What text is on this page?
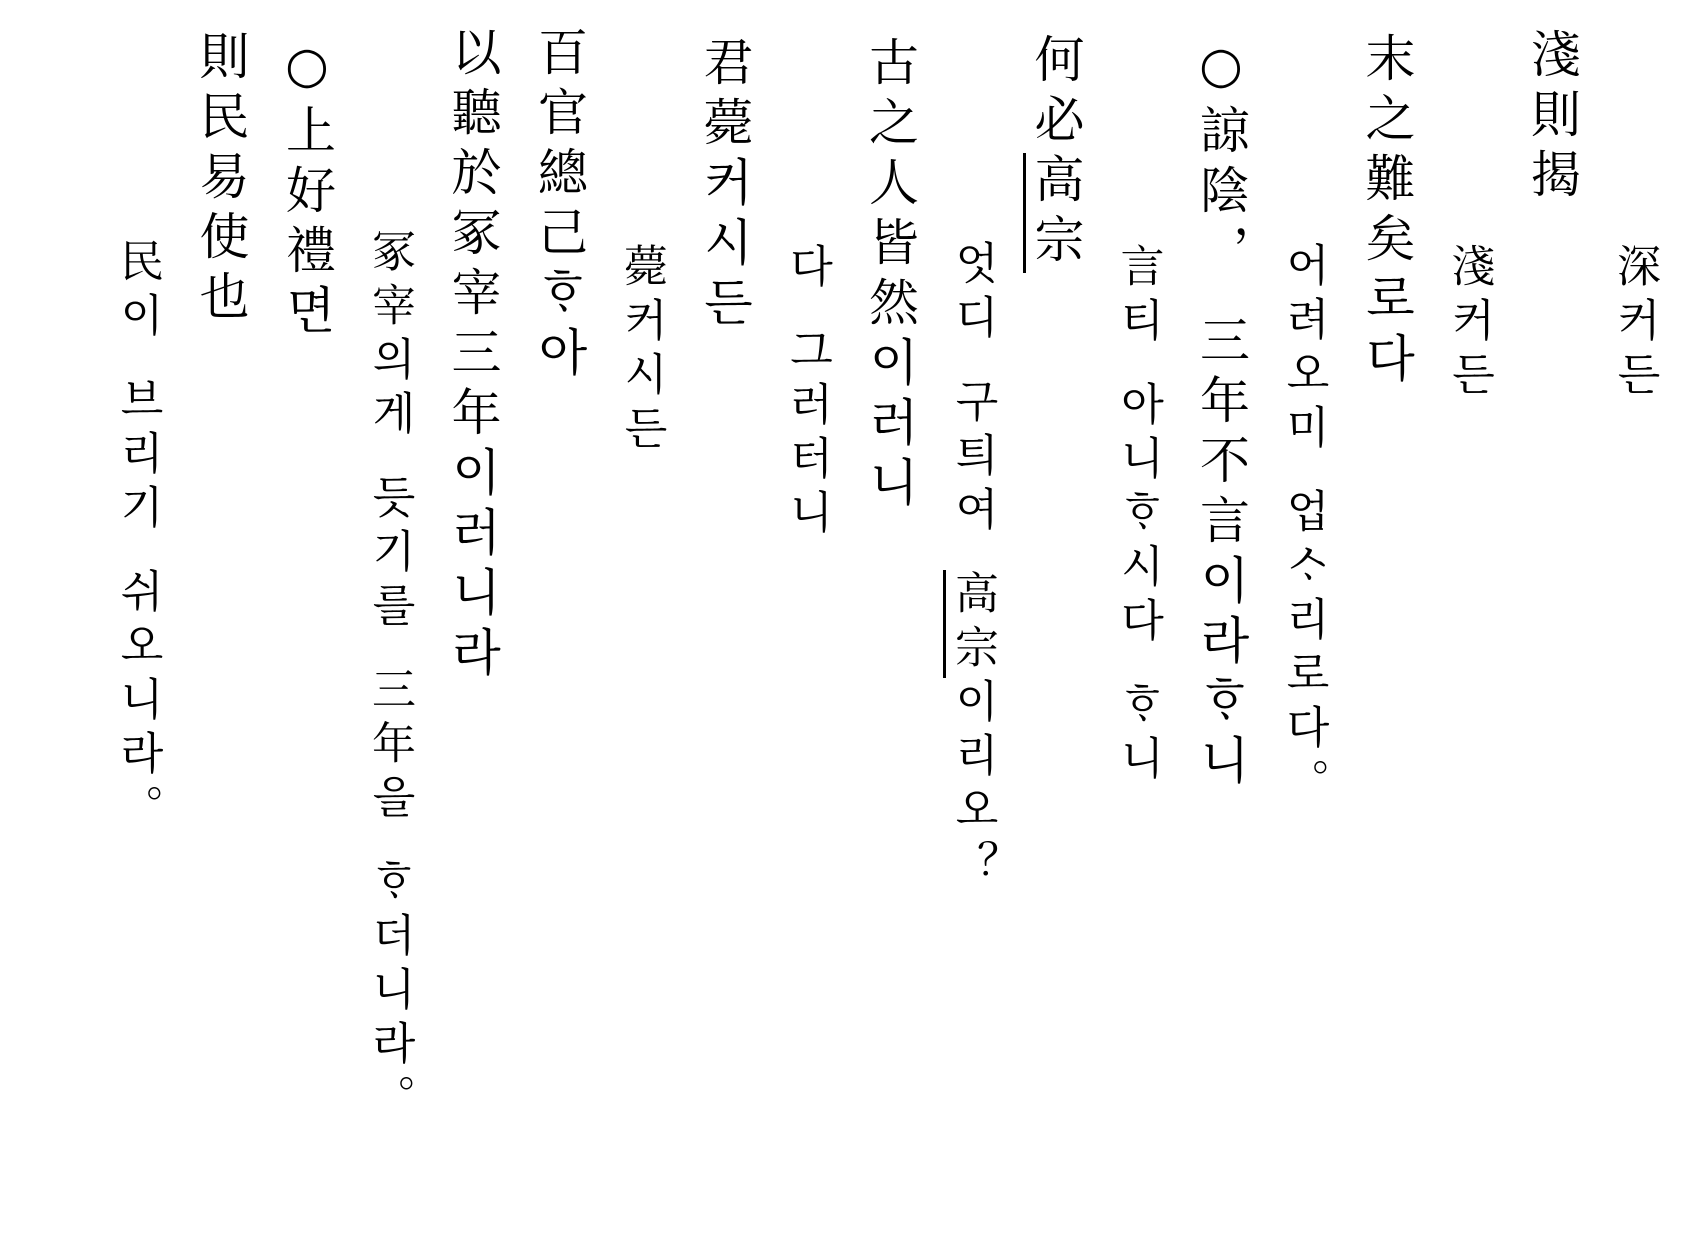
深커든
淺則揭
淺커든
末之難矣로다
어려오미업ᄉᆞ리로다。
○諒陰，三年不言이라ᄒᆞ니
言티아니ᄒᆞ시다ᄒᆞ니
何必高宗
엇디구틔여高宗이리오？
古之人皆然이러니
다그러터니
君薨커시든
薨커시든
百官總己ᄒᆞ아
以聽於冢宰三年이러니라
冢宰의게듯기를三年을ᄒᆞ더니라。
○上好禮면
則民易使也
民이브리기쉬오니라。
